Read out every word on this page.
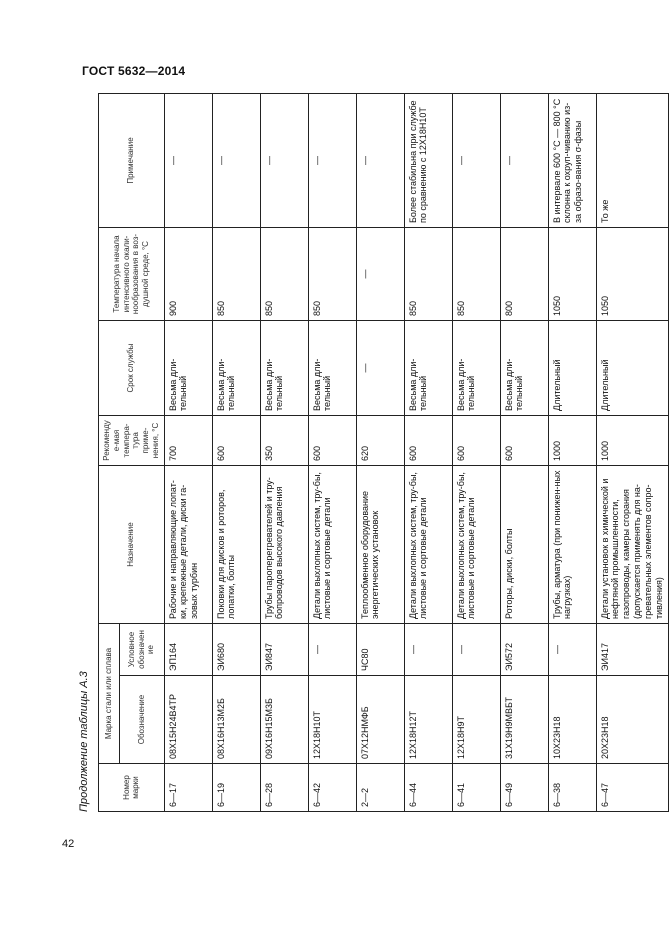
ГОСТ 5632—2014
42
Продолжение таблицы А.3	Номер марки	Марка стали или сплава		Назначение	Рекомендуе-мая темпера-тура приме-нения, °С	Срок службы	Температура начала интенсивного окали-нообразования в воз-душной среде, °С	Примечание
	Обозначение	Условное обозначение					
6—17	08Х15Н24В4ТР	ЭП164	Рабочие и направляющие лопат-ки, крепежные детали, диски га-зовых турбин	700	Весьма дли-тельный	900	—
6—19	08Х16Н13М2Б	ЭИ680	Поковки для дисков и роторов, лопатки, болты	600	Весьма дли-тельный	850	—
6—28	09Х16Н15М3Б	ЭИ847	Трубы пароперегревателей и тру-бопроводов высокого давления	350	Весьма дли-тельный	850	—
6—42	12Х18Н10Т	—	Детали выхлопных систем, тру-бы, листовые и сортовые детали	600	Весьма дли-тельный	850	—
2—2	07Х12НМФБ	ЧС80	Теплообменное оборудование энергетических установок	620	—	—	—
6—44	12Х18Н12Т	—	Детали выхлопных систем, тру-бы, листовые и сортовые детали	600	Весьма дли-тельный	850	Более стабильна при службе по сравнению с 12Х18Н10Т
6—41	12Х18Н9Т	—	Детали выхлопных систем, тру-бы, листовые и сортовые детали	600	Весьма дли-тельный	850	—
6—49	31Х19Н9МВБТ	ЭИ572	Роторы, диски, болты	600	Весьма дли-тельный	800	—
6—38	10Х23Н18	—	Трубы, арматура (при понижен-ных нагрузках)	1000	Длительный	1050	В интервале 600 °С — 800 °С склонна к охруп-чиванию из-за образо-вания σ-фазы
6—47	20Х23Н18	ЭИ417	Детали установок в химической и нефтяной промышленности, газопроводы, камеры сгорания (допускается применять для на-гревательных элементов сопро-тивления)	1000	Длительный	1050	То же
